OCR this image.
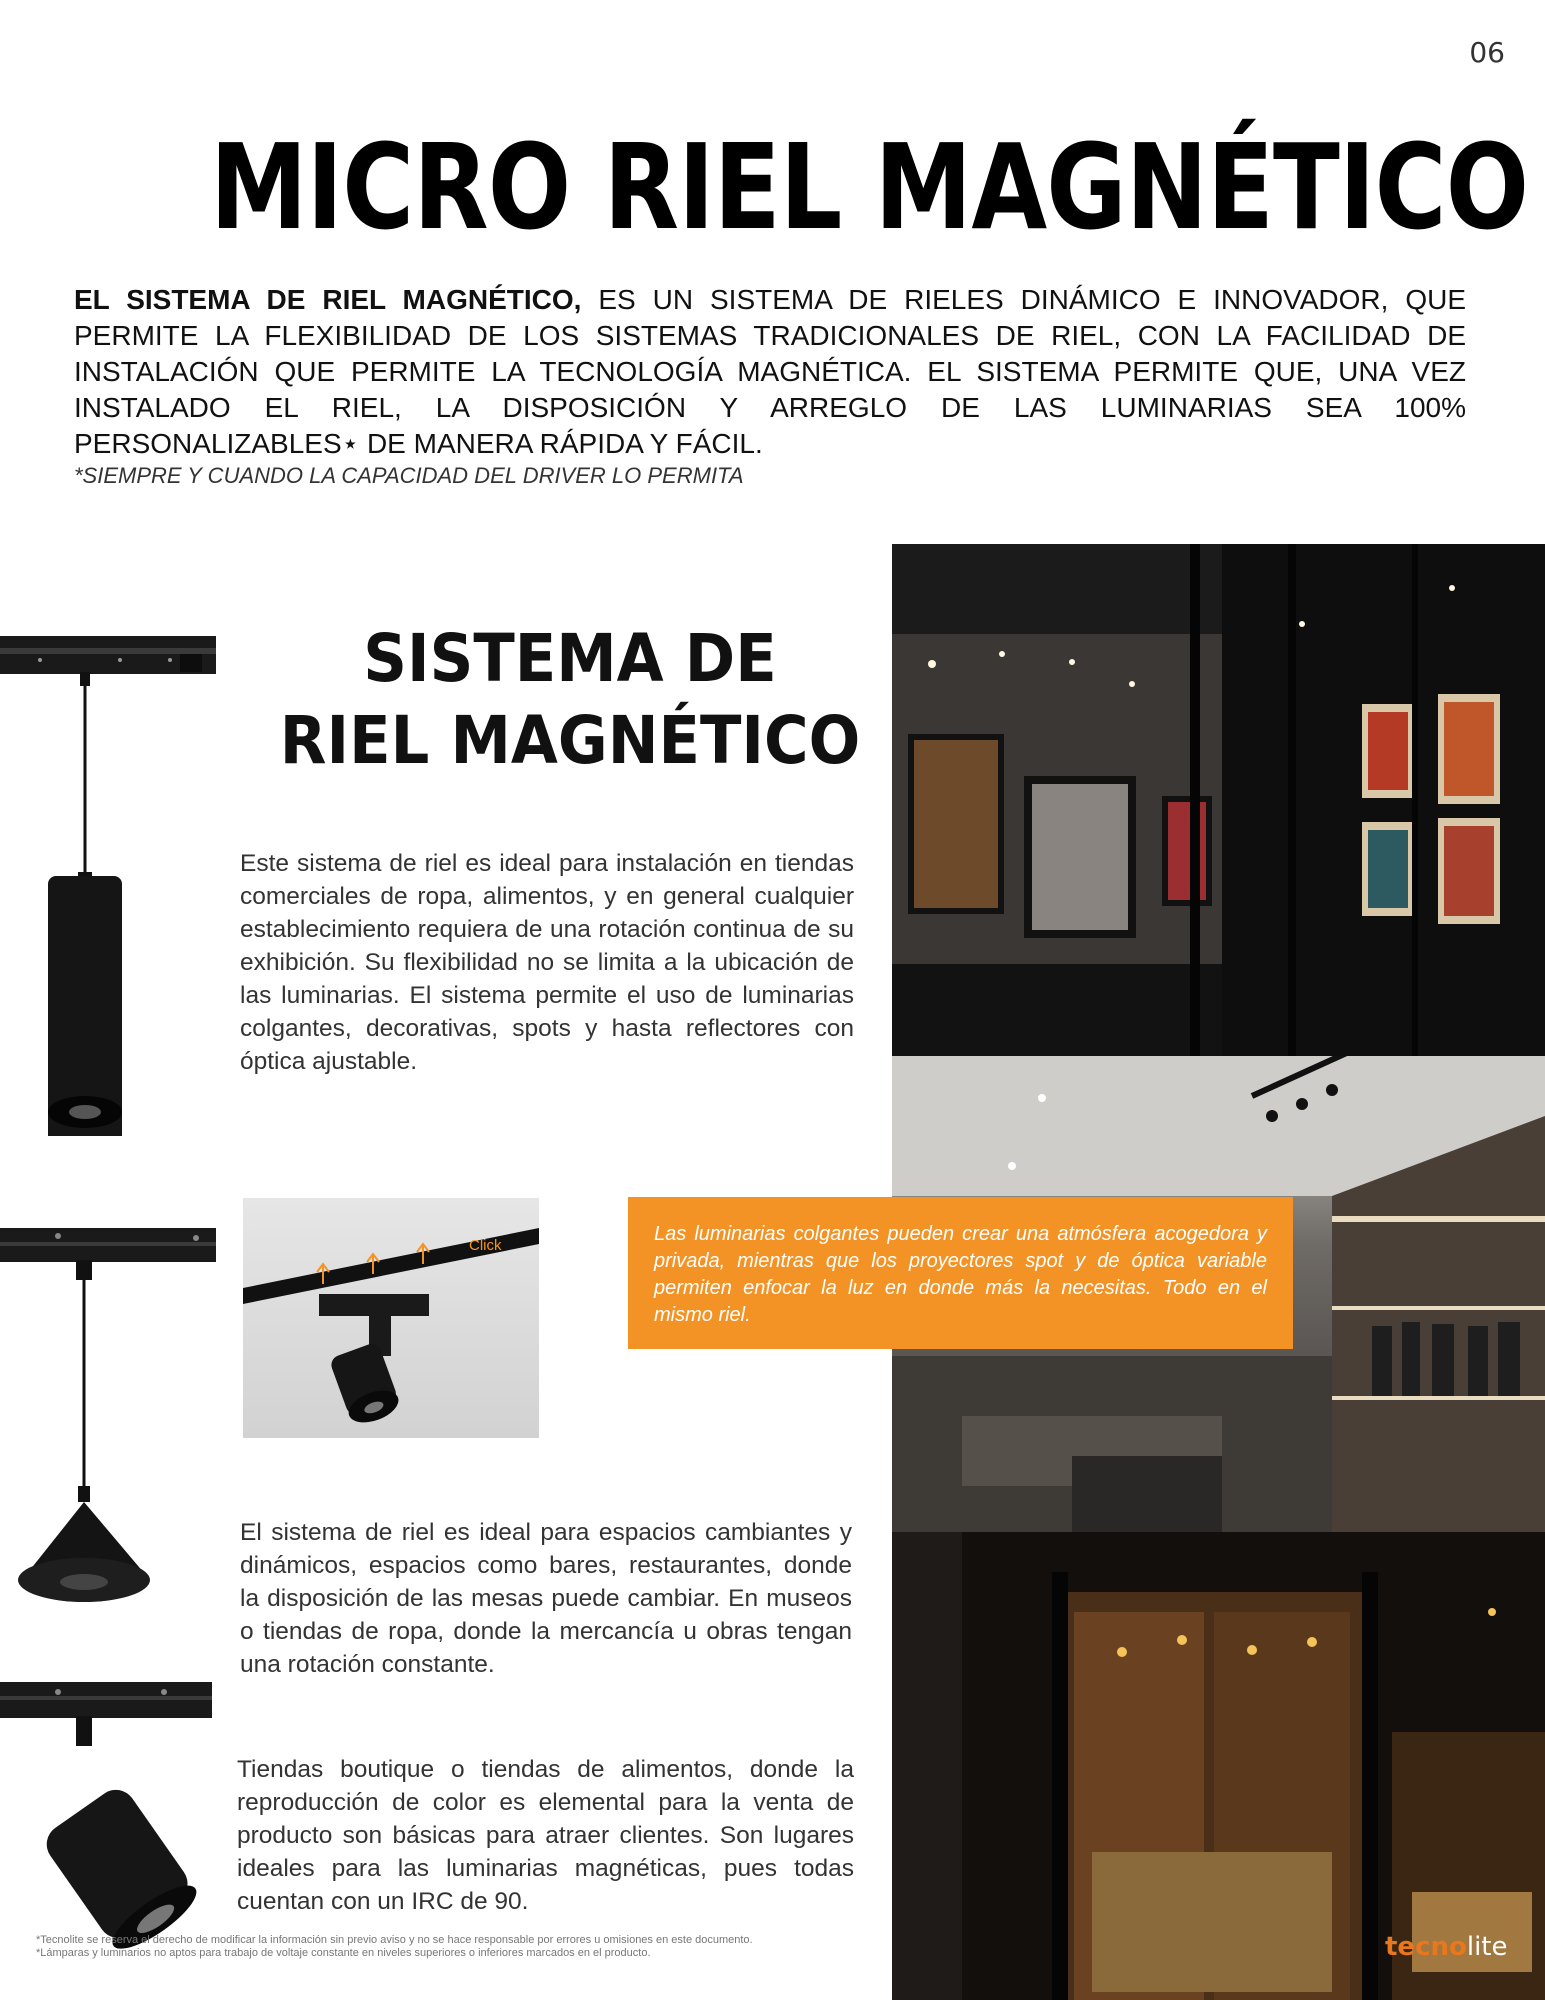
06
MICRO RIEL MAGNÉTICO

EL SISTEMA DE RIEL MAGNÉTICO, ES UN SISTEMA DE RIELES DINÁMICO E INNOVADOR, QUE PERMITE LA FLEXIBILIDAD DE LOS SISTEMAS TRADICIONALES DE RIEL, CON LA FACILIDAD DE INSTALACIÓN QUE PERMITE LA TECNOLOGÍA MAGNÉTICA. EL SISTEMA PERMITE QUE, UNA VEZ INSTALADO EL RIEL, LA DISPOSICIÓN Y ARREGLO DE LAS LUMINARIAS SEA 100% PERSONALIZABLES⋆ DE MANERA RÁPIDA Y FÁCIL.

*SIEMPRE Y CUANDO LA CAPACIDAD DEL DRIVER LO PERMITA

SISTEMA DE
RIEL MAGNÉTICO

Este sistema de riel es ideal para instalación en tiendas comerciales de ropa, alimentos, y en general cualquier establecimiento requiera de una rotación continua de su exhibición. Su flexibilidad no se limita a la ubicación de las luminarias. El sistema permite el uso de luminarias colgantes, decorativas, spots y hasta reflectores con óptica ajustable.

Click

El sistema de riel es ideal para espacios cambiantes y dinámicos, espacios como bares, restaurantes, donde la disposición de las mesas puede cambiar. En museos o tiendas de ropa, donde la mercancía u obras tengan una rotación constante.

Tiendas boutique o tiendas de alimentos, donde la reproducción de color es elemental para la venta de producto son básicas para atraer clientes. Son lugares ideales para las luminarias magnéticas, pues todas cuentan con un IRC de 90.

Las luminarias colgantes pueden crear una atmósfera acogedora y privada, mientras que los proyectores spot y de óptica variable permiten enfocar la luz en donde más la necesitas. Todo en el mismo riel.
*Tecnolite se reserva el derecho de modificar la información sin previo aviso y no se hace responsable por errores u omisiones en este documento.
*Lámparas y luminarios no aptos para trabajo de voltaje constante en niveles superiores o inferiores marcados en el producto.	tecnolite
